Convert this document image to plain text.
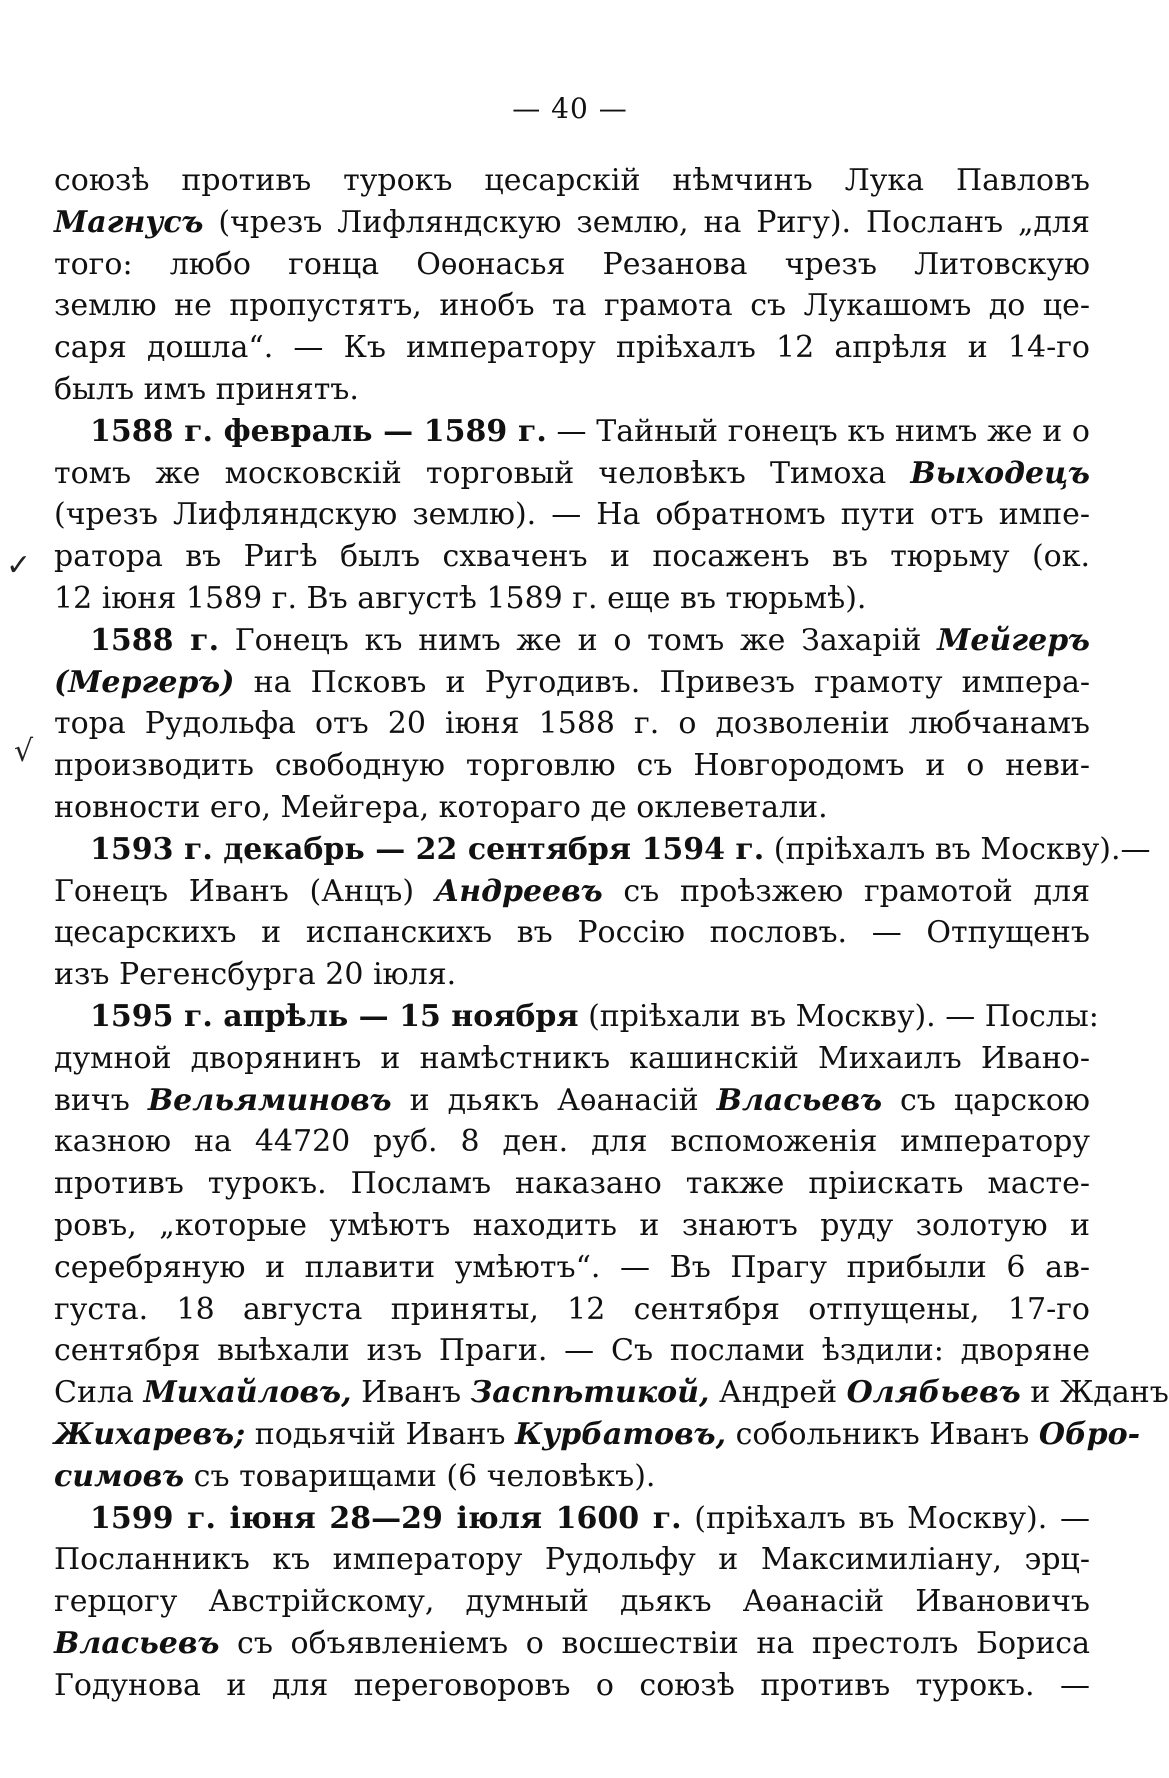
— 40 —
✓
√
союзѣ противъ турокъ цесарскій нѣмчинъ Лука Павловъ
Магнусъ (чрезъ Лифляндскую землю, на Ригу). Посланъ „для
того: любо гонца Оѳонасья Резанова чрезъ Литовскую
землю не пропустятъ, инобъ та грамота съ Лукашомъ до це-
саря дошла“. — Къ императору пріѣхалъ 12 апрѣля и 14-го
былъ имъ принятъ.
1588 г. февраль — 1589 г. — Тайный гонецъ къ нимъ же и о
томъ же московскій торговый человѣкъ Тимоха Выходецъ
(чрезъ Лифляндскую землю). — На обратномъ пути отъ импе-
ратора въ Ригѣ былъ схваченъ и посаженъ въ тюрьму (ок.
12 іюня 1589 г. Въ августѣ 1589 г. еще въ тюрьмѣ).
1588 г. Гонецъ къ нимъ же и о томъ же Захарій Мейгеръ
(Мергеръ) на Псковъ и Ругодивъ. Привезъ грамоту импера-
тора Рудольфа отъ 20 іюня 1588 г. о дозволеніи любчанамъ
производить свободную торговлю съ Новгородомъ и о неви-
новности его, Мейгера, котораго де оклеветали.
1593 г. декабрь — 22 сентября 1594 г. (пріѣхалъ въ Москву).—
Гонецъ Иванъ (Анцъ) Андреевъ съ проѣзжею грамотой для
цесарскихъ и испанскихъ въ Россію пословъ. — Отпущенъ
изъ Регенсбурга 20 іюля.
1595 г. апрѣль — 15 ноября (пріѣхали въ Москву). — Послы:
думной дворянинъ и намѣстникъ кашинскій Михаилъ Ивано-
вичъ Вельяминовъ и дьякъ Аѳанасій Власьевъ съ царскою
казною на 44720 руб. 8 ден. для вспоможенія императору
противъ турокъ. Посламъ наказано также пріискать масте-
ровъ, „которые умѣютъ находить и знаютъ руду золотую и
серебряную и плавити умѣютъ“. — Въ Прагу прибыли 6 ав-
густа. 18 августа приняты, 12 сентября отпущены, 17-го
сентября выѣхали изъ Праги. — Съ послами ѣздили: дворяне
Сила Михайловъ, Иванъ Заспѣтикой, Андрей Олябьевъ и Жданъ
Жихаревъ; подьячій Иванъ Курбатовъ, собольникъ Иванъ Обро-
симовъ съ товарищами (6 человѣкъ).
1599 г. іюня 28—29 іюля 1600 г. (пріѣхалъ въ Москву). —
Посланникъ къ императору Рудольфу и Максимиліану, эрц-
герцогу Австрійскому, думный дьякъ Аѳанасій Ивановичъ
Власьевъ съ объявленіемъ о восшествіи на престолъ Бориса
Годунова и для переговоровъ о союзѣ противъ турокъ. —
